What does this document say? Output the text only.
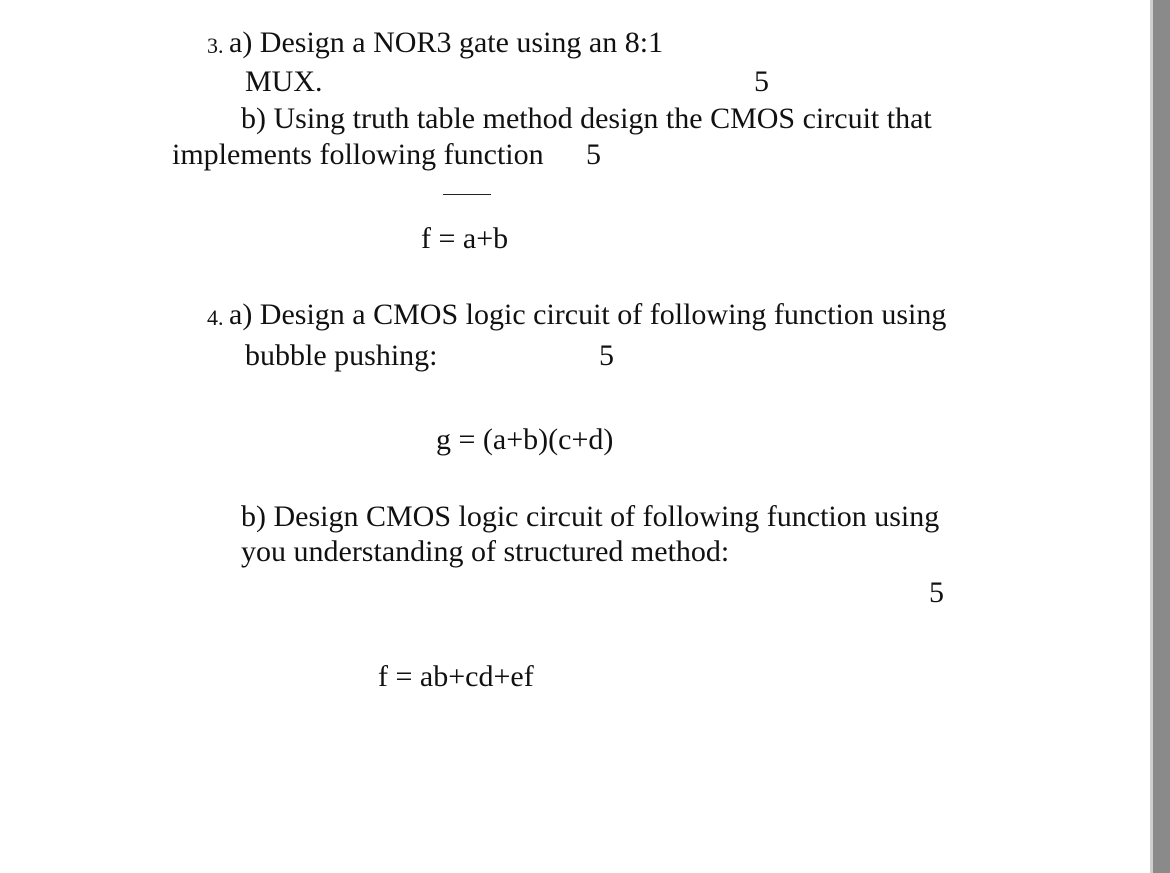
3. a) Design a NOR3 gate using an 8:1
MUX.	5
b) Using truth table method design the CMOS circuit that
implements following function 5
f = a+b
4. a) Design a CMOS logic circuit of following function using
bubble pushing:	5
g = (a+b)(c+d)
b) Design CMOS logic circuit of following function using
you understanding of structured method:
5
f = ab+cd+ef
